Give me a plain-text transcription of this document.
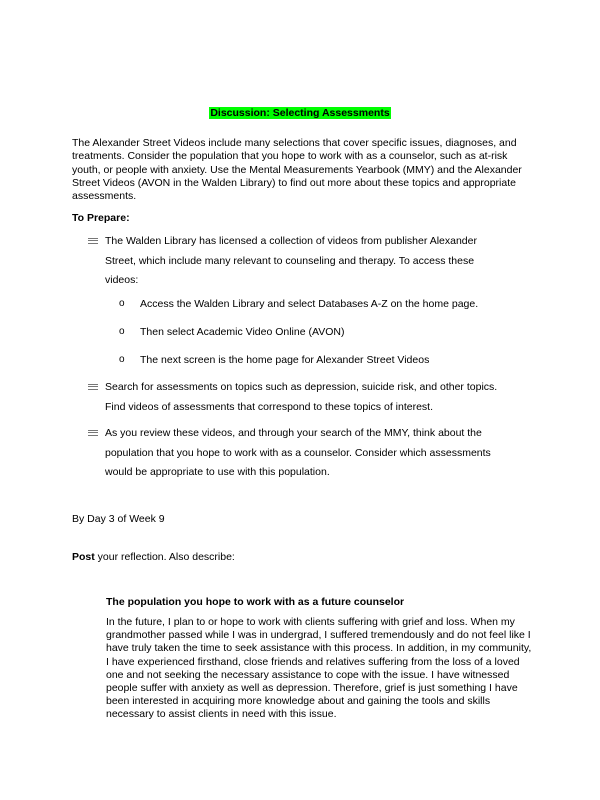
Discussion: Selecting Assessments

The Alexander Street Videos include many selections that cover specific issues, diagnoses, and treatments. Consider the population that you hope to work with as a counselor, such as at-risk youth, or people with anxiety. Use the Mental Measurements Yearbook (MMY) and the Alexander Street Videos (AVON in the Walden Library) to find out more about these topics and appropriate assessments.

To Prepare:

The Walden Library has licensed a collection of videos from publisher Alexander Street, which include many relevant to counseling and therapy. To access these videos:

o Access the Walden Library and select Databases A-Z on the home page.
o Then select Academic Video Online (AVON)
o The next screen is the home page for Alexander Street Videos

Search for assessments on topics such as depression, suicide risk, and other topics. Find videos of assessments that correspond to these topics of interest.

As you review these videos, and through your search of the MMY, think about the population that you hope to work with as a counselor. Consider which assessments would be appropriate to use with this population.

By Day 3 of Week 9

Post your reflection. Also describe:

The population you hope to work with as a future counselor

In the future, I plan to or hope to work with clients suffering with grief and loss. When my grandmother passed while I was in undergrad, I suffered tremendously and do not feel like I have truly taken the time to seek assistance with this process. In addition, in my community, I have experienced firsthand, close friends and relatives suffering from the loss of a loved one and not seeking the necessary assistance to cope with the issue. I have witnessed people suffer with anxiety as well as depression. Therefore, grief is just something I have been interested in acquiring more knowledge about and gaining the tools and skills necessary to assist clients in need with this issue.
